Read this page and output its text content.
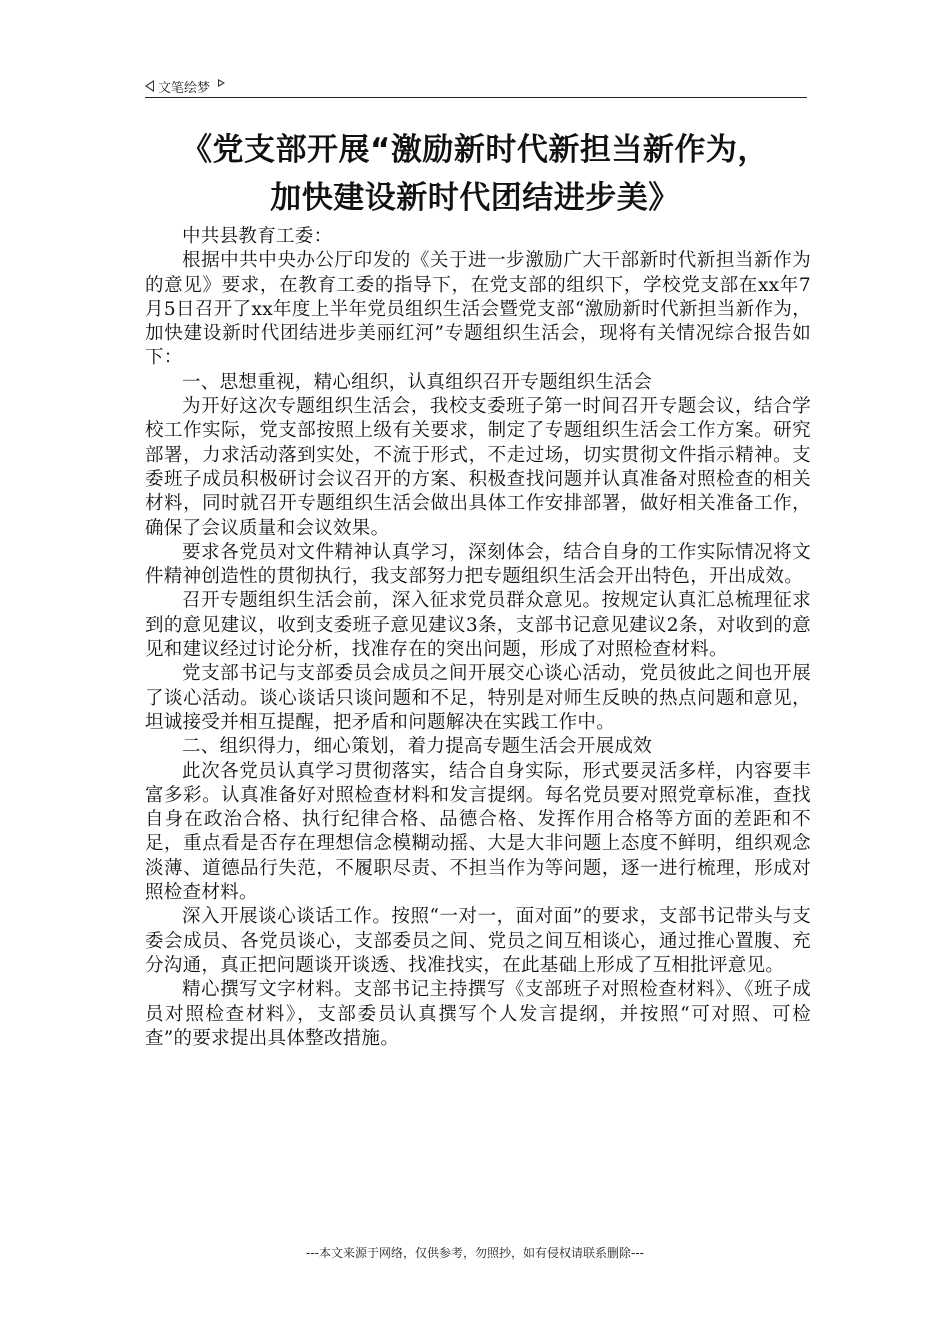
文笔绘梦
《党支部开展“激励新时代新担当新作为，
加快建设新时代团结进步美》

中共县教育工委：

根据中共中央办公厅印发的《关于进一步激励广大干部新时代新担当新作为的意见》要求，在教育工委的指导下，在党支部的组织下，学校党支部在xx年7月5日召开了xx年度上半年党员组织生活会暨党支部“激励新时代新担当新作为，加快建设新时代团结进步美丽红河”专题组织生活会，现将有关情况综合报告如下：

一、思想重视，精心组织，认真组织召开专题组织生活会

为开好这次专题组织生活会，我校支委班子第一时间召开专题会议，结合学校工作实际，党支部按照上级有关要求，制定了专题组织生活会工作方案。研究部署，力求活动落到实处，不流于形式，不走过场，切实贯彻文件指示精神。支委班子成员积极研讨会议召开的方案、积极查找问题并认真准备对照检查的相关材料，同时就召开专题组织生活会做出具体工作安排部署，做好相关准备工作，确保了会议质量和会议效果。

要求各党员对文件精神认真学习，深刻体会，结合自身的工作实际情况将文件精神创造性的贯彻执行，我支部努力把专题组织生活会开出特色，开出成效。

召开专题组织生活会前，深入征求党员群众意见。按规定认真汇总梳理征求到的意见建议，收到支委班子意见建议3条，支部书记意见建议2条，对收到的意见和建议经过讨论分析，找准存在的突出问题，形成了对照检查材料。

党支部书记与支部委员会成员之间开展交心谈心活动，党员彼此之间也开展了谈心活动。谈心谈话只谈问题和不足，特别是对师生反映的热点问题和意见，坦诚接受并相互提醒，把矛盾和问题解决在实践工作中。

二、组织得力，细心策划，着力提高专题生活会开展成效

此次各党员认真学习贯彻落实，结合自身实际，形式要灵活多样，内容要丰富多彩。认真准备好对照检查材料和发言提纲。每名党员要对照党章标准，查找自身在政治合格、执行纪律合格、品德合格、发挥作用合格等方面的差距和不足，重点看是否存在理想信念模糊动摇、大是大非问题上态度不鲜明，组织观念淡薄、道德品行失范，不履职尽责、不担当作为等问题，逐一进行梳理，形成对照检查材料。

深入开展谈心谈话工作。按照“一对一，面对面”的要求，支部书记带头与支委会成员、各党员谈心，支部委员之间、党员之间互相谈心，通过推心置腹、充分沟通，真正把问题谈开谈透、找准找实，在此基础上形成了互相批评意见。

精心撰写文字材料。支部书记主持撰写《支部班子对照检查材料》、《班子成员对照检查材料》，支部委员认真撰写个人发言提纲，并按照“可对照、可检查”的要求提出具体整改措施。

---本文来源于网络，仅供参考，勿照抄，如有侵权请联系删除---
